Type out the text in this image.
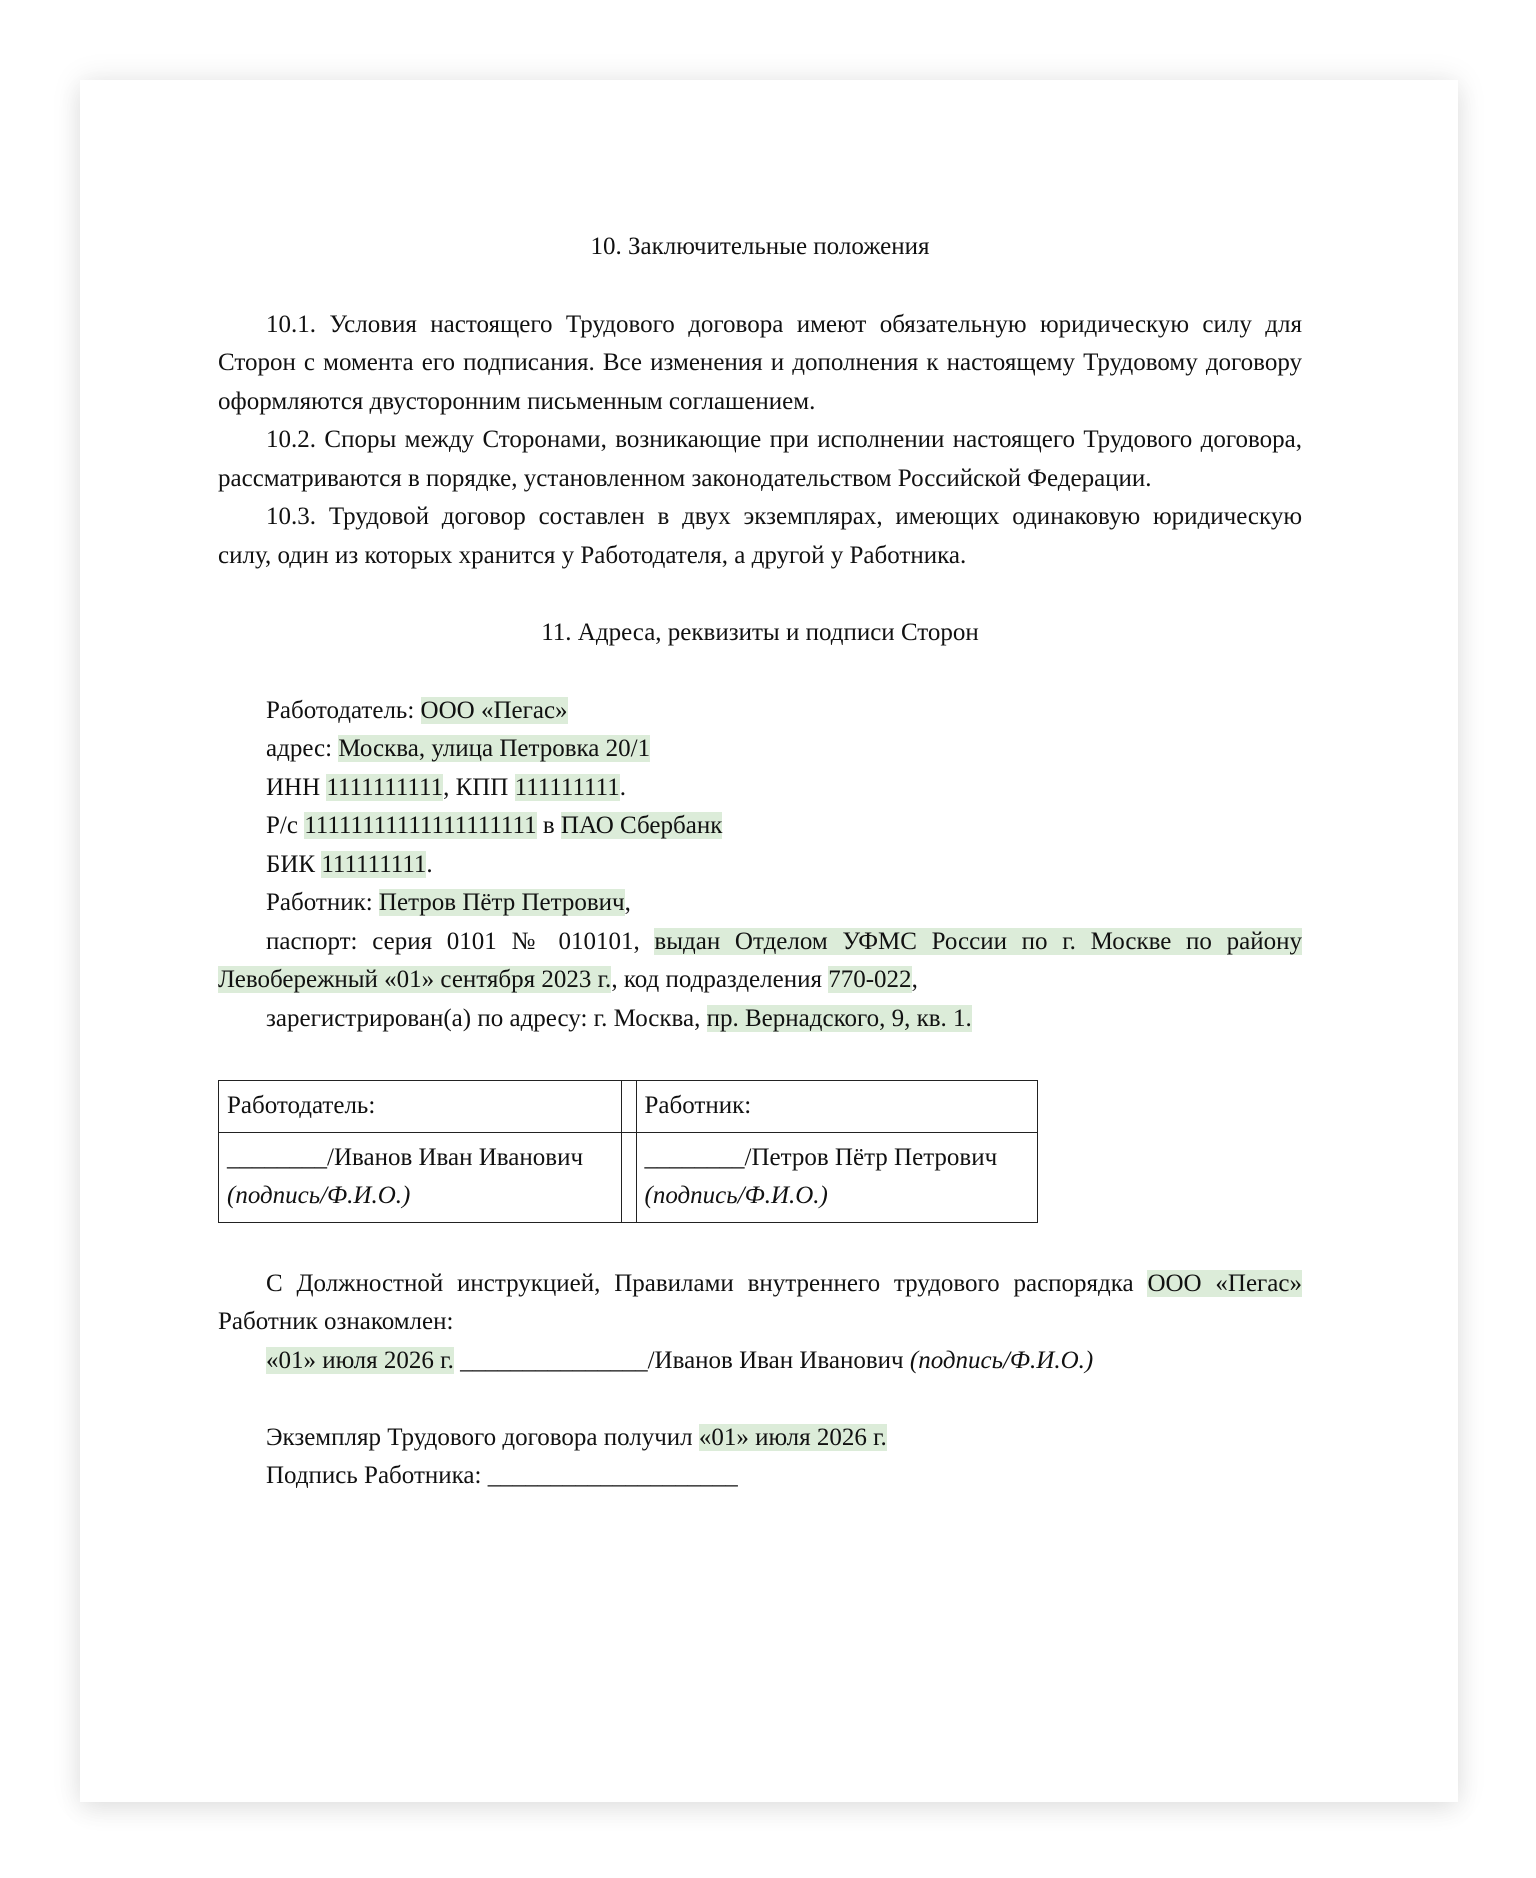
10. Заключительные положения

10.1. Условия настоящего Трудового договора имеют обязательную юридическую силу для Сторон с момента его подписания. Все изменения и дополнения к настоящему Трудовому договору оформляются двусторонним письменным соглашением.

10.2. Споры между Сторонами, возникающие при исполнении настоящего Трудового договора, рассматриваются в порядке, установленном законодательством Российской Федерации.

10.3. Трудовой договор составлен в двух экземплярах, имеющих одинаковую юридическую силу, один из которых хранится у Работодателя, а другой у Работника.

11. Адреса, реквизиты и подписи Сторон

Работодатель: ООО «Пегас»

адрес: Москва, улица Петровка 20/1

ИНН 1111111111, КПП 111111111.

Р/с 11111111111111111111 в ПАО Сбербанк

БИК 111111111.

Работник: Петров Пётр Петрович,

паспорт: серия 0101 № 010101, выдан Отделом УФМС России по г. Москве по району Левобережный «01» сентября 2023 г., код подразделения 770-022,

зарегистрирован(а) по адресу: г. Москва, пр. Вернадского, 9, кв. 1.

Работодатель:		Работник:
________/Иванов Иван Иванович (подпись/Ф.И.О.)		________/Петров Пётр Петрович (подпись/Ф.И.О.)

С Должностной инструкцией, Правилами внутреннего трудового распорядка ООО «Пегас» Работник ознакомлен:

«01» июля 2026 г. _______________/Иванов Иван Иванович (подпись/Ф.И.О.)

Экземпляр Трудового договора получил «01» июля 2026 г.

Подпись Работника: ____________________
